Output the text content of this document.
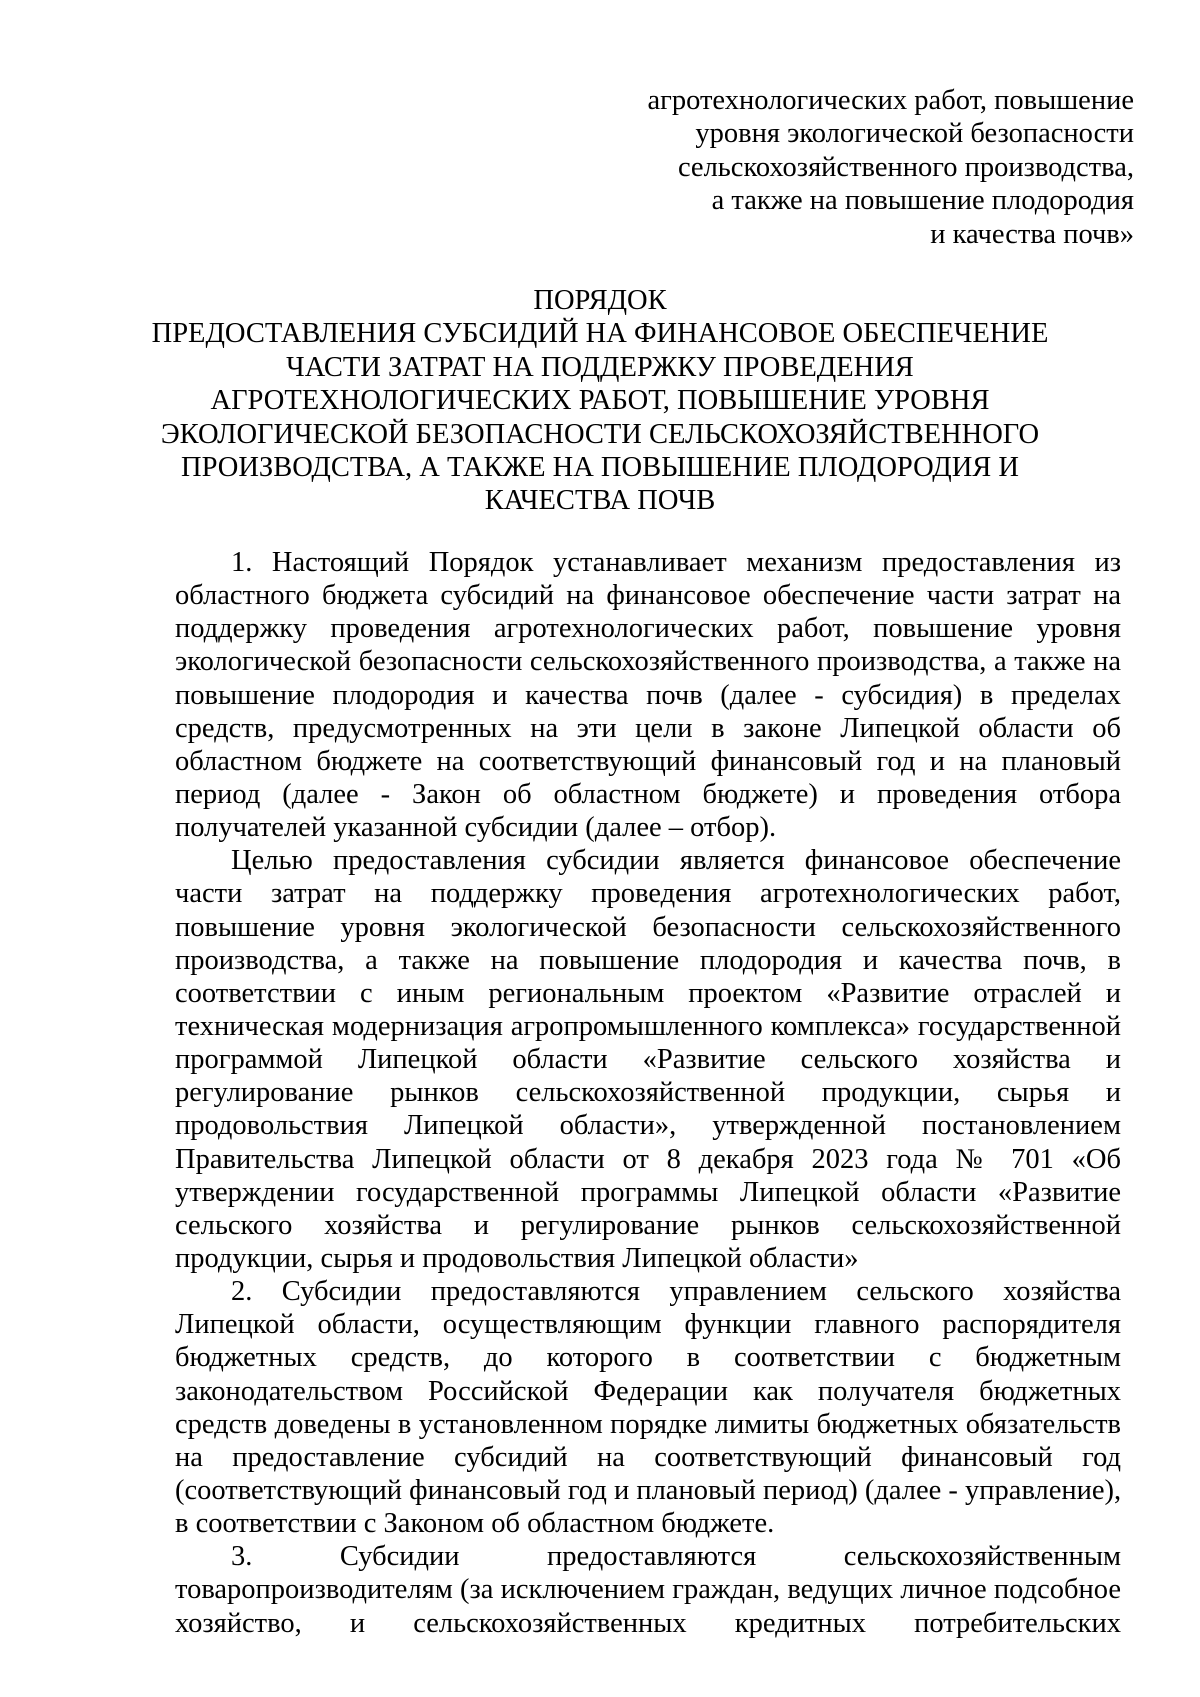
агротехнологических работ, повышение
уровня экологической безопасности
сельскохозяйственного производства,
а также на повышение плодородия
и качества почв»
ПОРЯДОК
ПРЕДОСТАВЛЕНИЯ СУБСИДИЙ НА ФИНАНСОВОЕ ОБЕСПЕЧЕНИЕ
ЧАСТИ ЗАТРАТ НА ПОДДЕРЖКУ ПРОВЕДЕНИЯ
АГРОТЕХНОЛОГИЧЕСКИХ РАБОТ, ПОВЫШЕНИЕ УРОВНЯ
ЭКОЛОГИЧЕСКОЙ БЕЗОПАСНОСТИ СЕЛЬСКОХОЗЯЙСТВЕННОГО
ПРОИЗВОДСТВА, А ТАКЖЕ НА ПОВЫШЕНИЕ ПЛОДОРОДИЯ И
КАЧЕСТВА ПОЧВ
1. Настоящий Порядок устанавливает механизм предоставления из
областного бюджета субсидий на финансовое обеспечение части затрат на
поддержку проведения агротехнологических работ, повышение уровня
экологической безопасности сельскохозяйственного производства, а также на
повышение плодородия и качества почв (далее - субсидия) в пределах
средств, предусмотренных на эти цели в законе Липецкой области об
областном бюджете на соответствующий финансовый год и на плановый
период (далее - Закон об областном бюджете) и проведения отбора
получателей указанной субсидии (далее – отбор).
Целью предоставления субсидии является финансовое обеспечение
части затрат на поддержку проведения агротехнологических работ,
повышение уровня экологической безопасности сельскохозяйственного
производства, а также на повышение плодородия и качества почв, в
соответствии с иным региональным проектом «Развитие отраслей и
техническая модернизация агропромышленного комплекса» государственной
программой Липецкой области «Развитие сельского хозяйства и
регулирование рынков сельскохозяйственной продукции, сырья и
продовольствия Липецкой области», утвержденной постановлением
Правительства Липецкой области от 8 декабря 2023 года № 701 «Об
утверждении государственной программы Липецкой области «Развитие
сельского хозяйства и регулирование рынков сельскохозяйственной
продукции, сырья и продовольствия Липецкой области»
2. Субсидии предоставляются управлением сельского хозяйства
Липецкой области, осуществляющим функции главного распорядителя
бюджетных средств, до которого в соответствии с бюджетным
законодательством Российской Федерации как получателя бюджетных
средств доведены в установленном порядке лимиты бюджетных обязательств
на предоставление субсидий на соответствующий финансовый год
(соответствующий финансовый год и плановый период) (далее - управление),
в соответствии с Законом об областном бюджете.
3. Субсидии предоставляются сельскохозяйственным
товаропроизводителям (за исключением граждан, ведущих личное подсобное
хозяйство, и сельскохозяйственных кредитных потребительских
